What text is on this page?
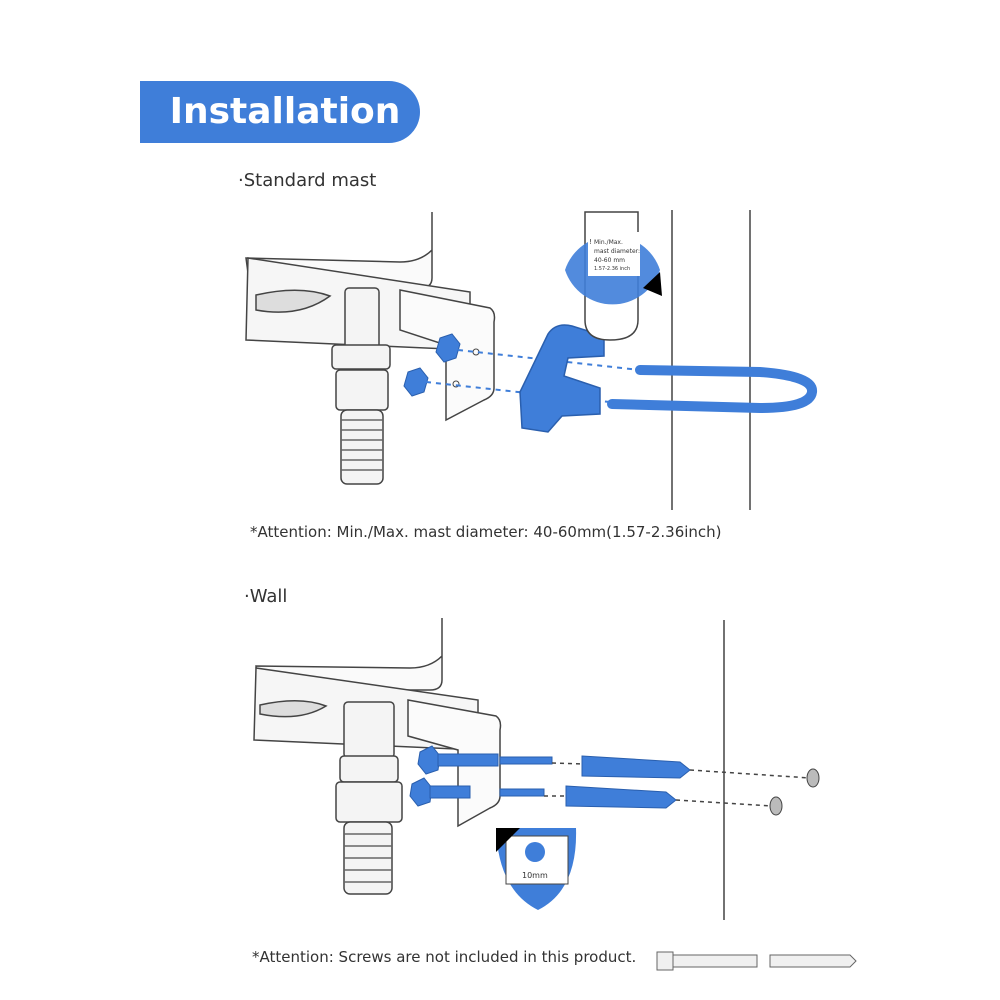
Installation
·Standard mast
·Wall
*Attention: Min./Max. mast diameter: 40-60mm(1.57-2.36inch)
*Attention: Screws are not included in this product.
! Min./Max.
mast diameter:
40-60 mm
1.57-2.36 inch
10mm
